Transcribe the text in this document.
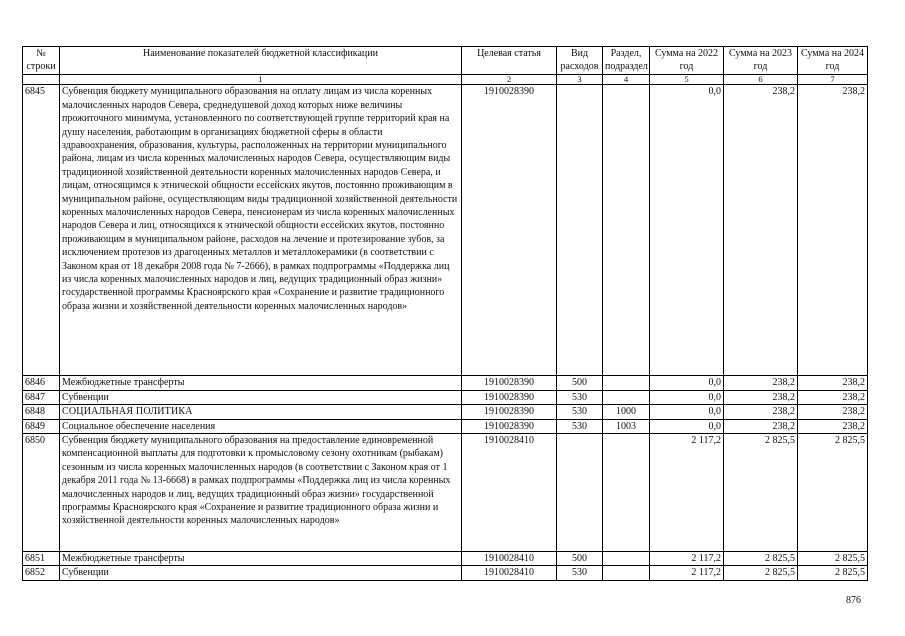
№ строки	Наименование показателей бюджетной классификации	Целевая статья	Вид расходов	Раздел, подраздел	Сумма на 2022 год	Сумма на 2023 год	Сумма на 2024 год
	1	2	3	4	5	6	7
6845	Субвенция бюджету муниципального образования на оплату лицам из числа коренных малочисленных народов Севера, среднедушевой доход которых ниже величины прожиточного минимума, установленного по соответствующей группе территорий края на душу населения, работающим в организациях бюджетной сферы в области здравоохранения, образования, культуры, расположенных на территории муниципального района, лицам из числа коренных малочисленных народов Севера, осуществляющим виды традиционной хозяйственной деятельности коренных малочисленных народов Севера, и лицам, относящимся к этнической общности ессейских якутов, постоянно проживающим в муниципальном районе, осуществляющим виды традиционной хозяйственной деятельности коренных малочисленных народов Севера, пенсионерам из числа коренных малочисленных народов Севера и лиц, относящихся к этнической общности ессейских якутов, постоянно проживающим в муниципальном районе, расходов на лечение и протезирование зубов, за исключением протезов из драгоценных металлов и металлокерамики (в соответствии с Законом края от 18 декабря 2008 года № 7-2666), в рамках подпрограммы «Поддержка лиц из числа коренных малочисленных народов и лиц, ведущих традиционный образ жизни» государственной программы Красноярского края «Сохранение и развитие традиционного образа жизни и хозяйственной деятельности коренных малочисленных народов»	1910028390			0,0	238,2	238,2
6846	Межбюджетные трансферты	1910028390	500		0,0	238,2	238,2
6847	Субвенции	1910028390	530		0,0	238,2	238,2
6848	СОЦИАЛЬНАЯ ПОЛИТИКА	1910028390	530	1000	0,0	238,2	238,2
6849	Социальное обеспечение населения	1910028390	530	1003	0,0	238,2	238,2
6850	Субвенция бюджету муниципального образования на предоставление единовременной компенсационной выплаты для подготовки к промысловому сезону охотникам (рыбакам) сезонным из числа коренных малочисленных народов (в соответствии с Законом края от 1 декабря 2011 года № 13-6668) в рамках подпрограммы «Поддержка лиц из числа коренных малочисленных народов и лиц, ведущих традиционный образ жизни» государственной программы Красноярского края «Сохранение и развитие традиционного образа жизни и хозяйственной деятельности коренных малочисленных народов»	1910028410			2 117,2	2 825,5	2 825,5
6851	Межбюджетные трансферты	1910028410	500		2 117,2	2 825,5	2 825,5
6852	Субвенции	1910028410	530		2 117,2	2 825,5	2 825,5
876
